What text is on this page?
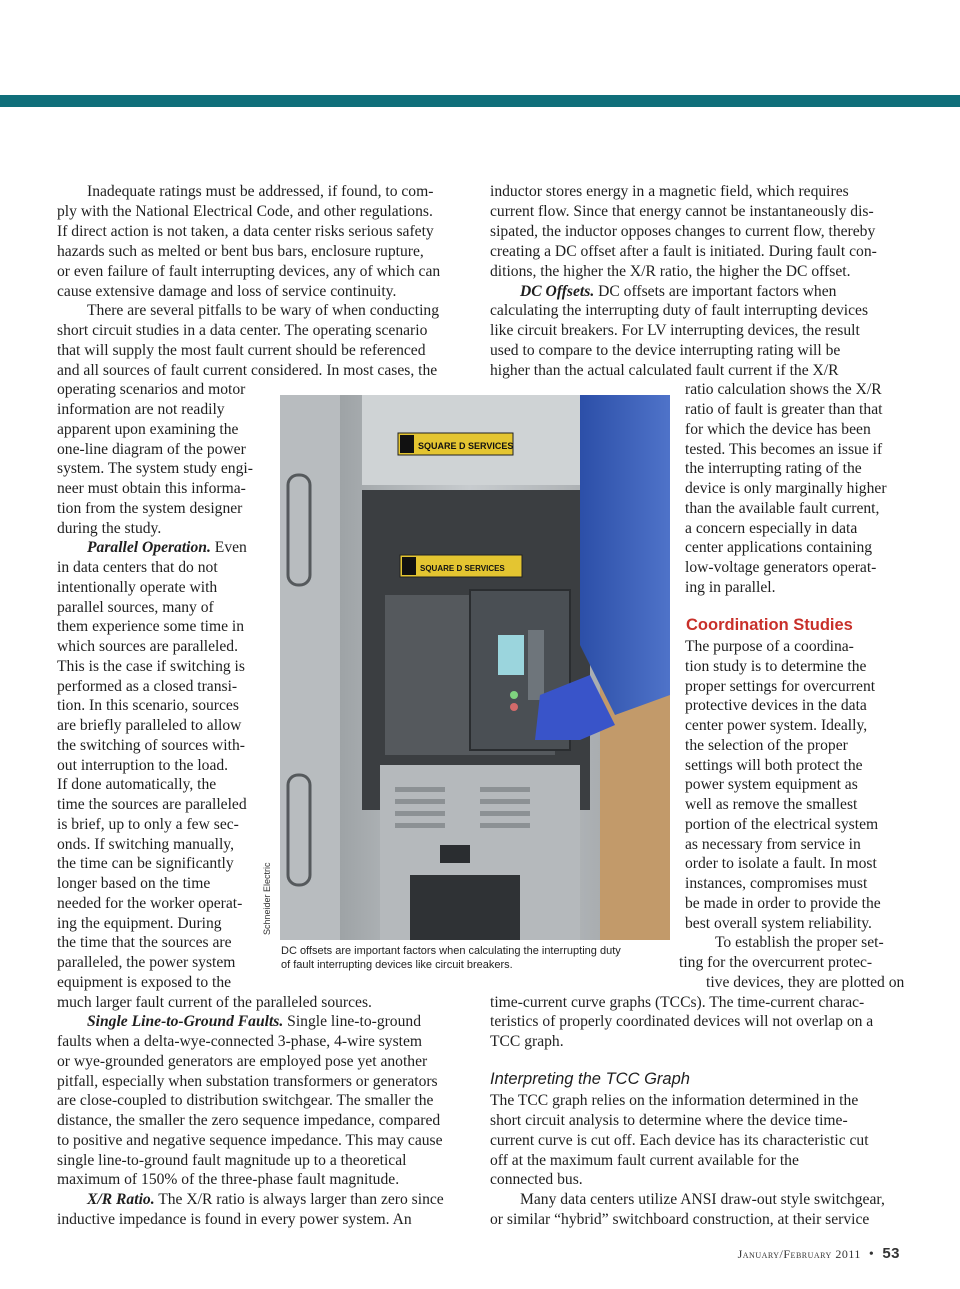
Inadequate ratings must be addressed, if found, to com-
ply with the National Electrical Code, and other regulations.
If direct action is not taken, a data center risks serious safety
hazards such as melted or bent bus bars, enclosure rupture,
or even failure of fault interrupting devices, any of which can
cause extensive damage and loss of service continuity.
There are several pitfalls to be wary of when conducting
short circuit studies in a data center. The operating scenario
that will supply the most fault current should be referenced
and all sources of fault current considered. In most cases, the
operating scenarios and motor
information are not readily
apparent upon examining the
one-line diagram of the power
system. The system study engi-
neer must obtain this informa-
tion from the system designer
during the study.
Parallel Operation. Even
in data centers that do not
intentionally operate with
parallel sources, many of
them experience some time in
which sources are paralleled.
This is the case if switching is
performed as a closed transi-
tion. In this scenario, sources
are briefly paralleled to allow
the switching of sources with-
out interruption to the load.
If done automatically, the
time the sources are paralleled
is brief, up to only a few sec-
onds. If switching manually,
the time can be significantly
longer based on the time
needed for the worker operat-
ing the equipment. During
the time that the sources are
paralleled, the power system
equipment is exposed to the
much larger fault current of the paralleled sources.
Single Line-to-Ground Faults. Single line-to-ground
faults when a delta-wye-connected 3-phase, 4-wire system
or wye-grounded generators are employed pose yet another
pitfall, especially when substation transformers or generators
are close-coupled to distribution switchgear. The smaller the
distance, the smaller the zero sequence impedance, compared
to positive and negative sequence impedance. This may cause
single line-to-ground fault magnitude up to a theoretical
maximum of 150% of the three-phase fault magnitude.
X/R Ratio. The X/R ratio is always larger than zero since
inductive impedance is found in every power system. An
inductor stores energy in a magnetic field, which requires
current flow. Since that energy cannot be instantaneously dis-
sipated, the inductor opposes changes to current flow, thereby
creating a DC offset after a fault is initiated. During fault con-
ditions, the higher the X/R ratio, the higher the DC offset.
DC Offsets. DC offsets are important factors when
calculating the interrupting duty of fault interrupting devices
like circuit breakers. For LV interrupting devices, the result
used to compare to the device interrupting rating will be
higher than the actual calculated fault current if the X/R
ratio calculation shows the X/R
ratio of fault is greater than that
for which the device has been
tested. This becomes an issue if
the interrupting rating of the
device is only marginally higher
than the available fault current,
a concern especially in data
center applications containing
low-voltage generators operat-
ing in parallel.
Coordination Studies
The purpose of a coordina-
tion study is to determine the
proper settings for overcurrent
protective devices in the data
center power system. Ideally,
the selection of the proper
settings will both protect the
power system equipment as
well as remove the smallest
portion of the electrical system
as necessary from service in
order to isolate a fault. In most
instances, compromises must
be made in order to provide the
best overall system reliability.
To establish the proper set-
ting for the overcurrent protec-
tive devices, they are plotted on
time-current curve graphs (TCCs). The time-current charac-
teristics of properly coordinated devices will not overlap on a
TCC graph.
Interpreting the TCC Graph
The TCC graph relies on the information determined in the
short circuit analysis to determine where the device time-
current curve is cut off. Each device has its characteristic cut
off at the maximum fault current available for the
connected bus.
Many data centers utilize ANSI draw-out style switchgear,
or similar “hybrid” switchboard construction, at their service
SQUARE D SERVICES
SQUARE D SERVICES
Schneider Electric
DC offsets are important factors when calculating the interrupting duty
of fault interrupting devices like circuit breakers.
January/February 2011 • 53
